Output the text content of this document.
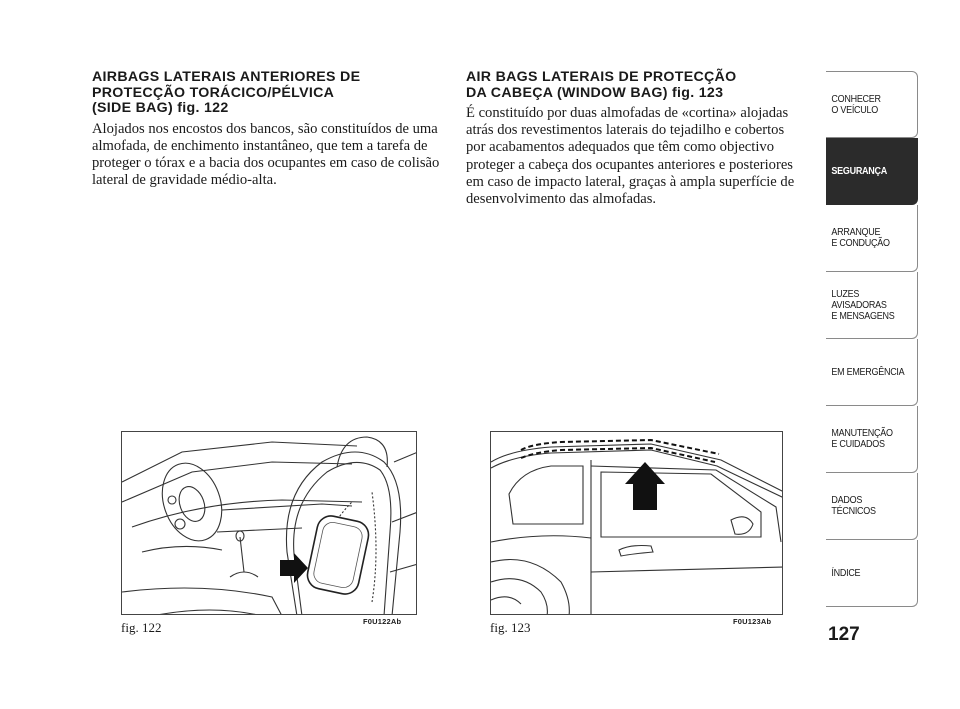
AIRBAGS LATERAIS ANTERIORES DE
PROTECÇÃO TORÁCICO/PÉLVICA
(SIDE BAG) fig. 122

Alojados nos encostos dos bancos, são constituídos de uma almofada, de enchimento instantâneo, que tem a tarefa de proteger o tórax e a bacia dos ocupantes em caso de colisão lateral de gravidade médio-alta.

AIR BAGS LATERAIS DE PROTECÇÃO
DA CABEÇA (WINDOW BAG) fig. 123

É constituído por duas almofadas de «cortina» alojadas atrás dos revestimentos laterais do tejadilho e cobertos por acabamentos adequados que têm como objectivo proteger a cabeça dos ocupantes anteriores e posteriores em caso de impacto lateral, graças à ampla superfície de desenvolvimento das almofadas.

fig. 122	F0U122Ab	fig. 123	F0U123Ab
127
CONHECER
O VEÍCULO
SEGURANÇA
ARRANQUE
E CONDUÇÃO
LUZES
AVISADORAS
E MENSAGENS
EM EMERGÊNCIA
MANUTENÇÃO
E CUIDADOS
DADOS
TÉCNICOS
ÍNDICE
